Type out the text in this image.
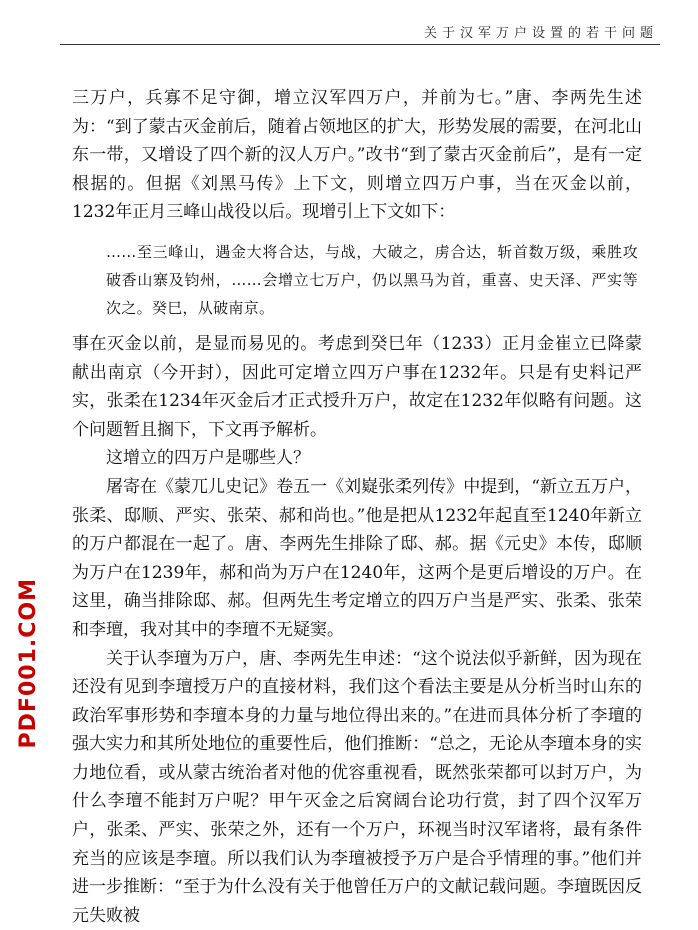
关于汉军万户设置的若干问题

三万户，兵寡不足守御，增立汉军四万户，并前为七。”唐、李两先生述为：“到了蒙古灭金前后，随着占领地区的扩大，形势发展的需要，在河北山东一带，又增设了四个新的汉人万户。”改书“到了蒙古灭金前后”，是有一定根据的。但据《刘黑马传》上下文，则增立四万户事，当在灭金以前，1232年正月三峰山战役以后。现增引上下文如下：

……至三峰山，遇金大将合达，与战，大破之，虏合达，斩首数万级，乘胜攻破香山寨及钧州，……会增立七万户，仍以黑马为首，重喜、史天泽、严实等次之。癸巳，从破南京。

事在灭金以前，是显而易见的。考虑到癸巳年（1233）正月金崔立已降蒙献出南京（今开封），因此可定增立四万户事在1232年。只是有史料记严实，张柔在1234年灭金后才正式授升万户，故定在1232年似略有问题。这个问题暂且搁下，下文再予解析。

这增立的四万户是哪些人？

屠寄在《蒙兀儿史记》卷五一《刘嶷张柔列传》中提到，“新立五万户，张柔、邸顺、严实、张荣、郝和尚也。”他是把从1232年起直至1240年新立的万户都混在一起了。唐、李两先生排除了邸、郝。据《元史》本传，邸顺为万户在1239年，郝和尚为万户在1240年，这两个是更后增设的万户。在这里，确当排除邸、郝。但两先生考定增立的四万户当是严实、张柔、张荣和李璮，我对其中的李璮不无疑窦。

关于认李璮为万户，唐、李两先生申述：“这个说法似乎新鲜，因为现在还没有见到李璮授万户的直接材料，我们这个看法主要是从分析当时山东的政治军事形势和李璮本身的力量与地位得出来的。”在进而具体分析了李璮的强大实力和其所处地位的重要性后，他们推断：“总之，无论从李璮本身的实力地位看，或从蒙古统治者对他的优容重视看，既然张荣都可以封万户，为什么李璮不能封万户呢？甲午灭金之后窝阔台论功行赏，封了四个汉军万户，张柔、严实、张荣之外，还有一个万户，环视当时汉军诸将，最有条件充当的应该是李璮。所以我们认为李璮被授予万户是合乎情理的事。”他们并进一步推断：“至于为什么没有关于他曾任万户的文献记载问题。李璮既因反元失败被

PDF001.COM
